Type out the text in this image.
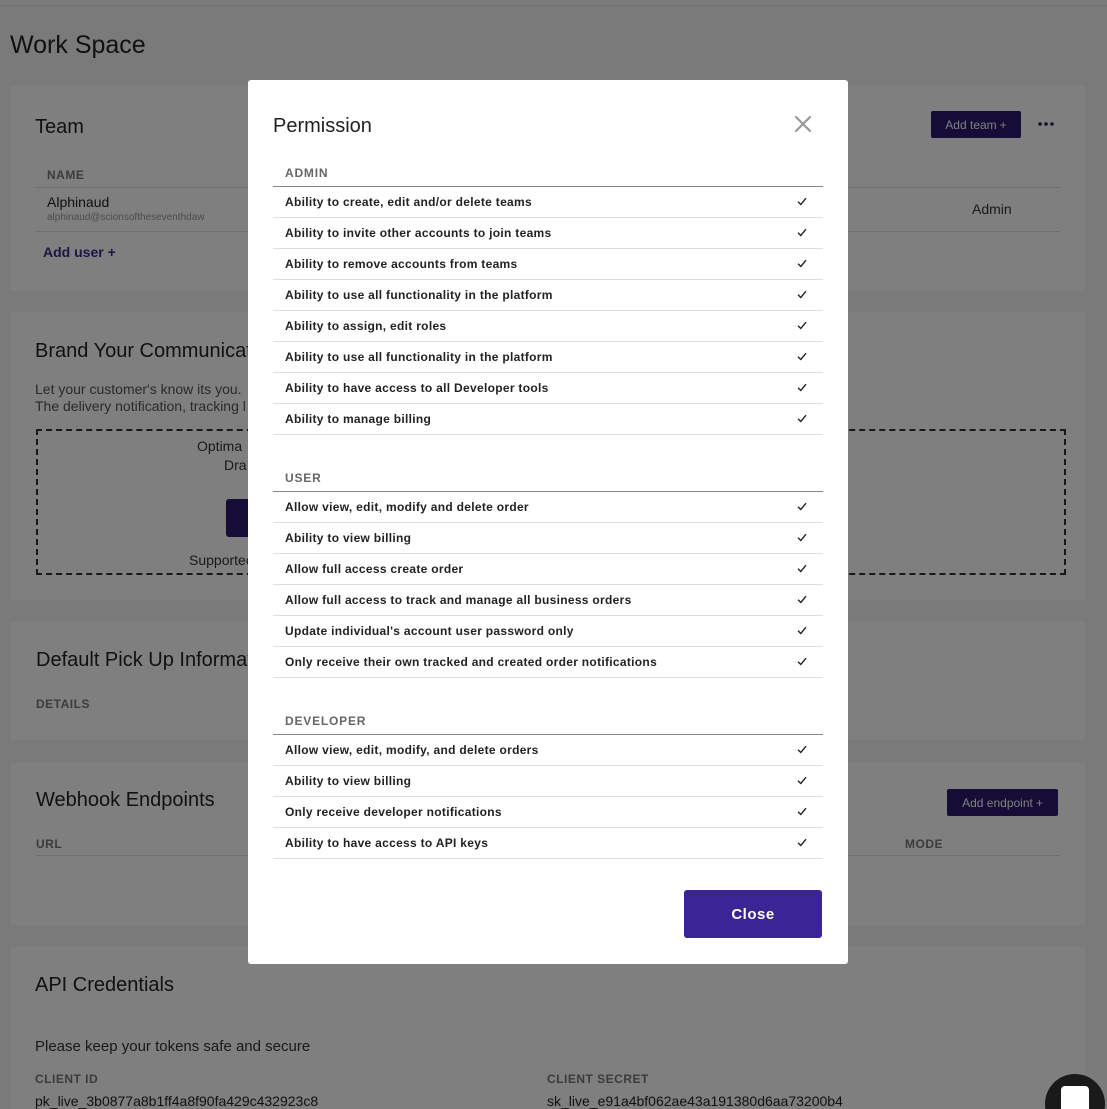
Permission
ADMIN
Ability to create, edit and/or delete teams
Ability to invite other accounts to join teams
Ability to remove accounts from teams
Ability to use all functionality in the platform
Ability to assign, edit roles
Ability to use all functionality in the platform
Ability to have access to all Developer tools
Ability to manage billing
USER
Allow view, edit, modify and delete order
Ability to view billing
Allow full access create order
Allow full access to track and manage all business orders
Update individual's account user password only
Only receive their own tracked and created order notifications
DEVELOPER
Allow view, edit, modify, and delete orders
Ability to view billing
Only receive developer notifications
Ability to have access to API keys
Close
